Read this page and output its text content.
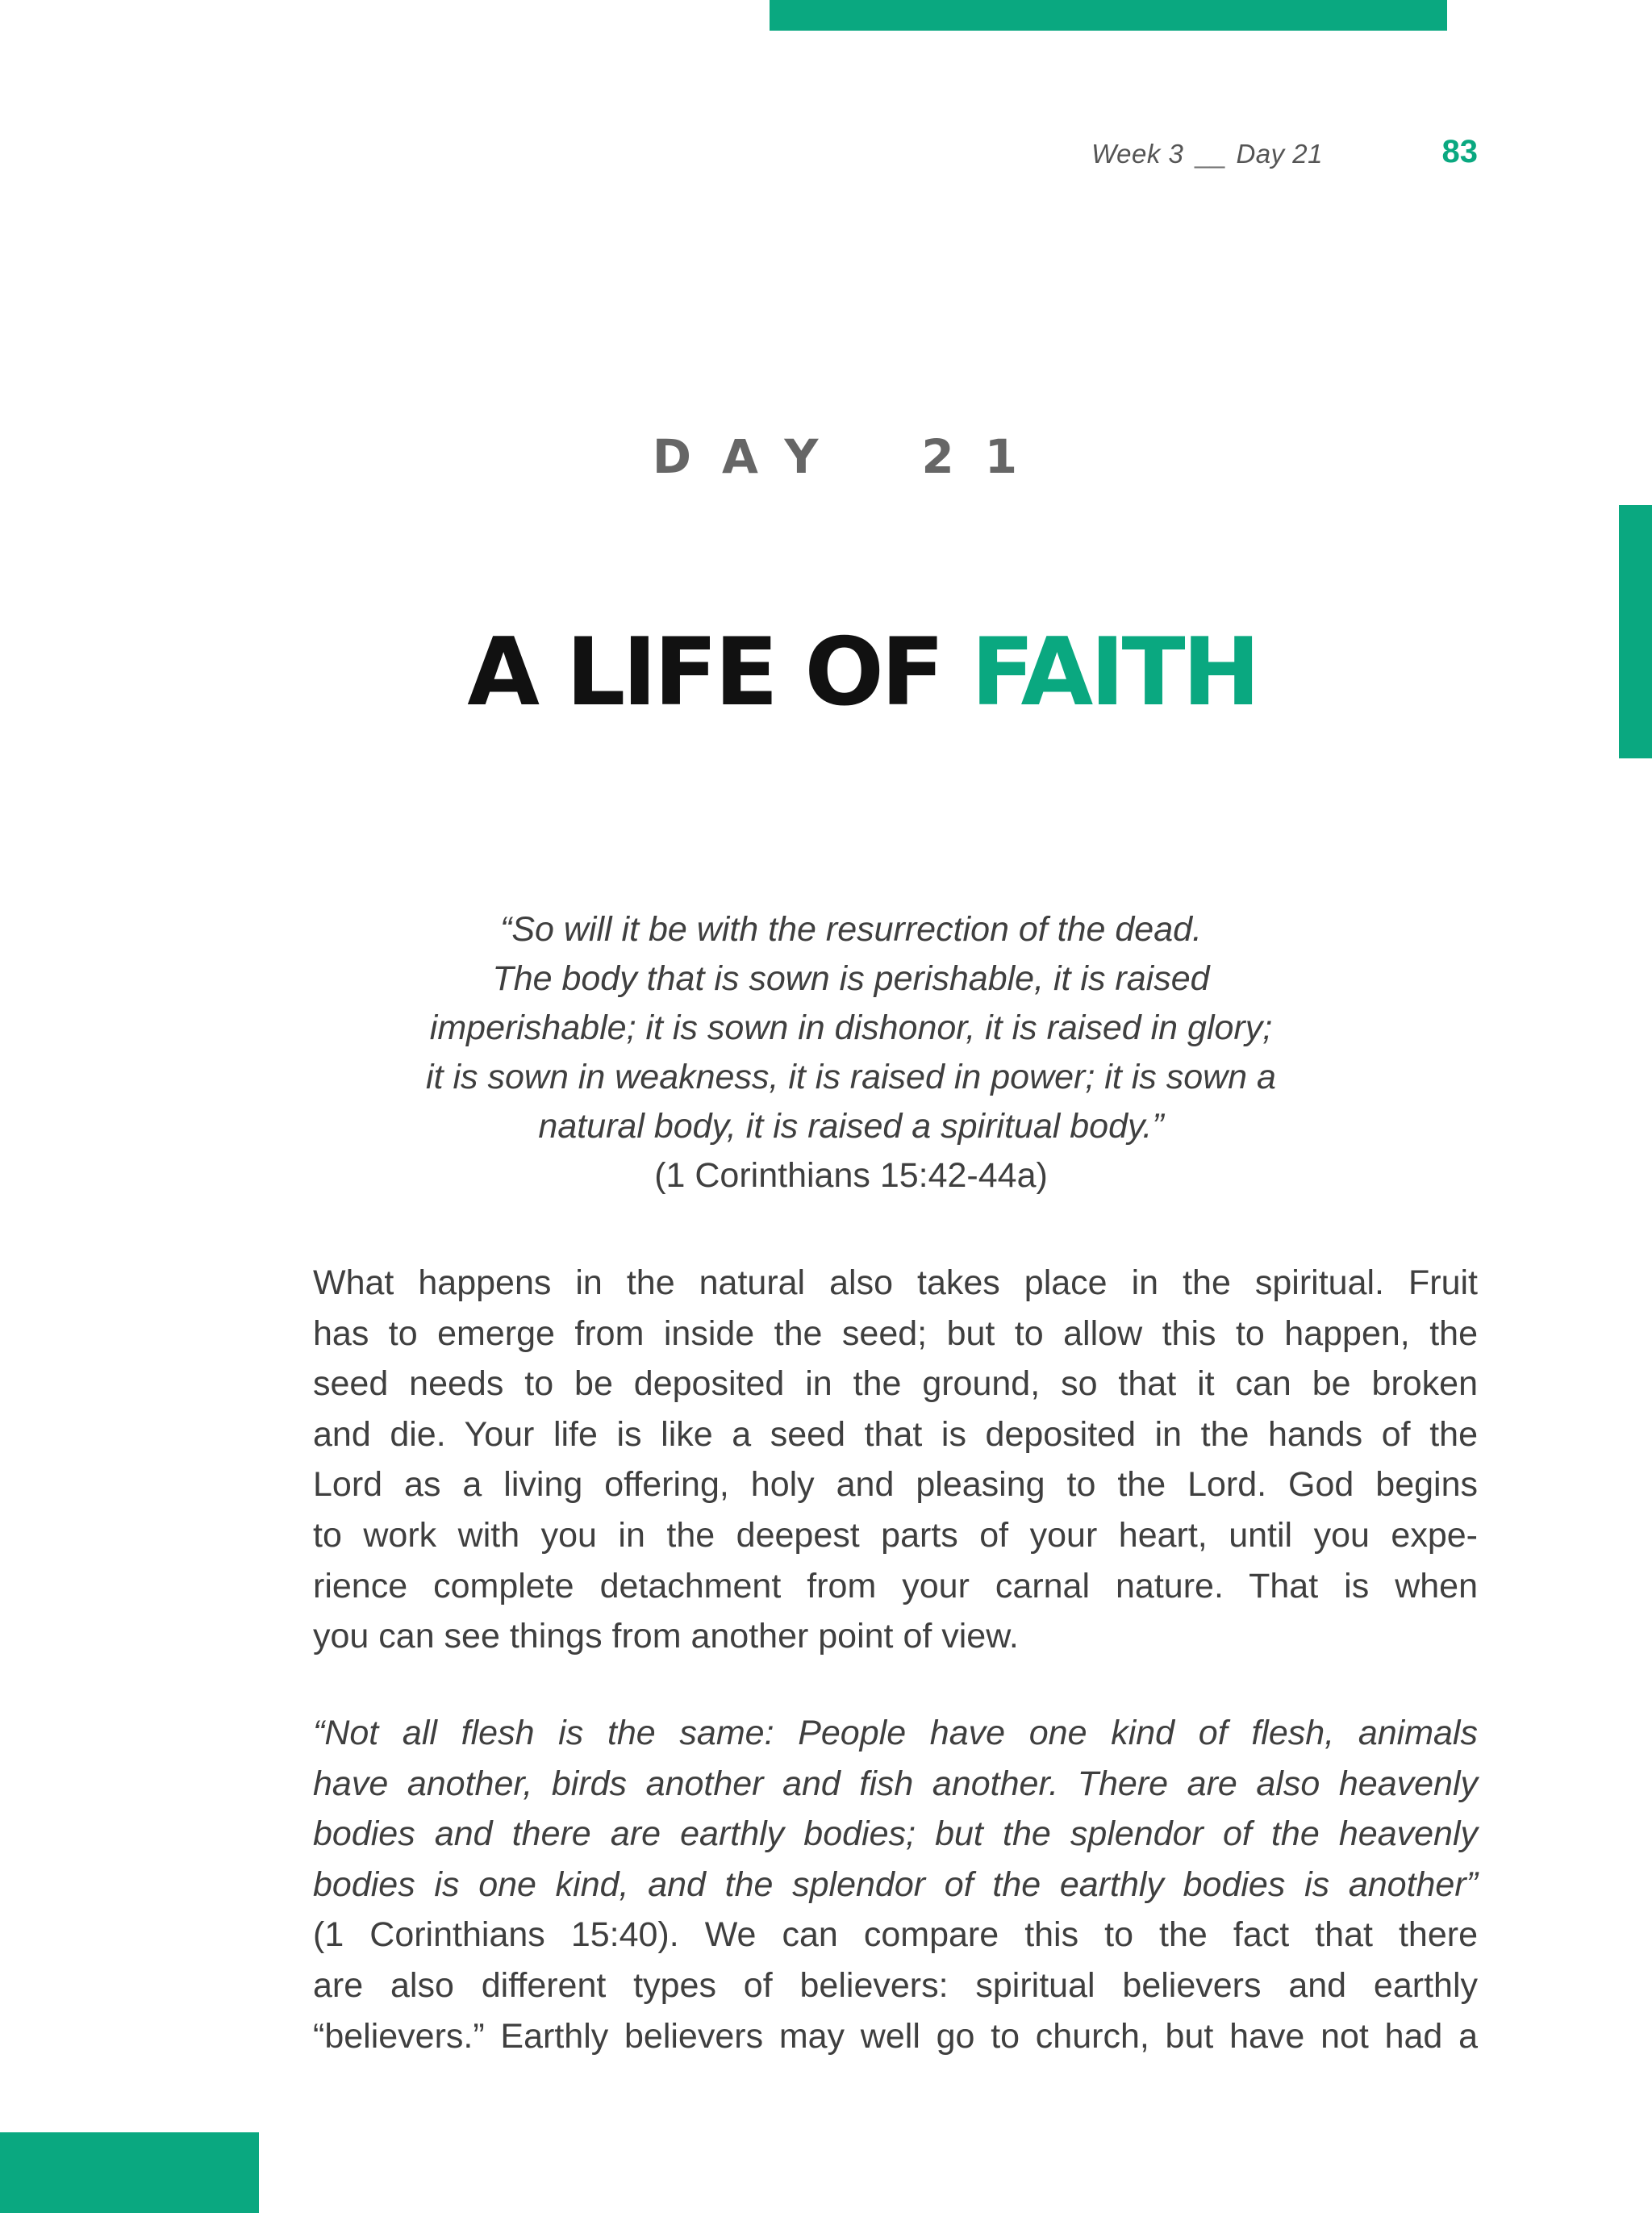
Week 3 __ Day 21	83
DAY 21
A LIFE OF FAITH
“So will it be with the resurrection of the dead.
The body that is sown is perishable, it is raised
imperishable; it is sown in dishonor, it is raised in glory;
it is sown in weakness, it is raised in power; it is sown a
natural body, it is raised a spiritual body.”
(1 Corinthians 15:42-44a)
What happens in the natural also takes place in the spiritual. Fruit
has to emerge from inside the seed; but to allow this to happen, the
seed needs to be deposited in the ground, so that it can be broken
and die. Your life is like a seed that is deposited in the hands of the
Lord as a living offering, holy and pleasing to the Lord. God begins
to work with you in the deepest parts of your heart, until you expe-
rience complete detachment from your carnal nature. That is when
you can see things from another point of view.
“Not all flesh is the same: People have one kind of flesh, animals
have another, birds another and fish another. There are also heavenly
bodies and there are earthly bodies; but the splendor of the heavenly
bodies is one kind, and the splendor of the earthly bodies is another”
(1 Corinthians 15:40). We can compare this to the fact that there
are also different types of believers: spiritual believers and earthly
“believers.” Earthly believers may well go to church, but have not had a
